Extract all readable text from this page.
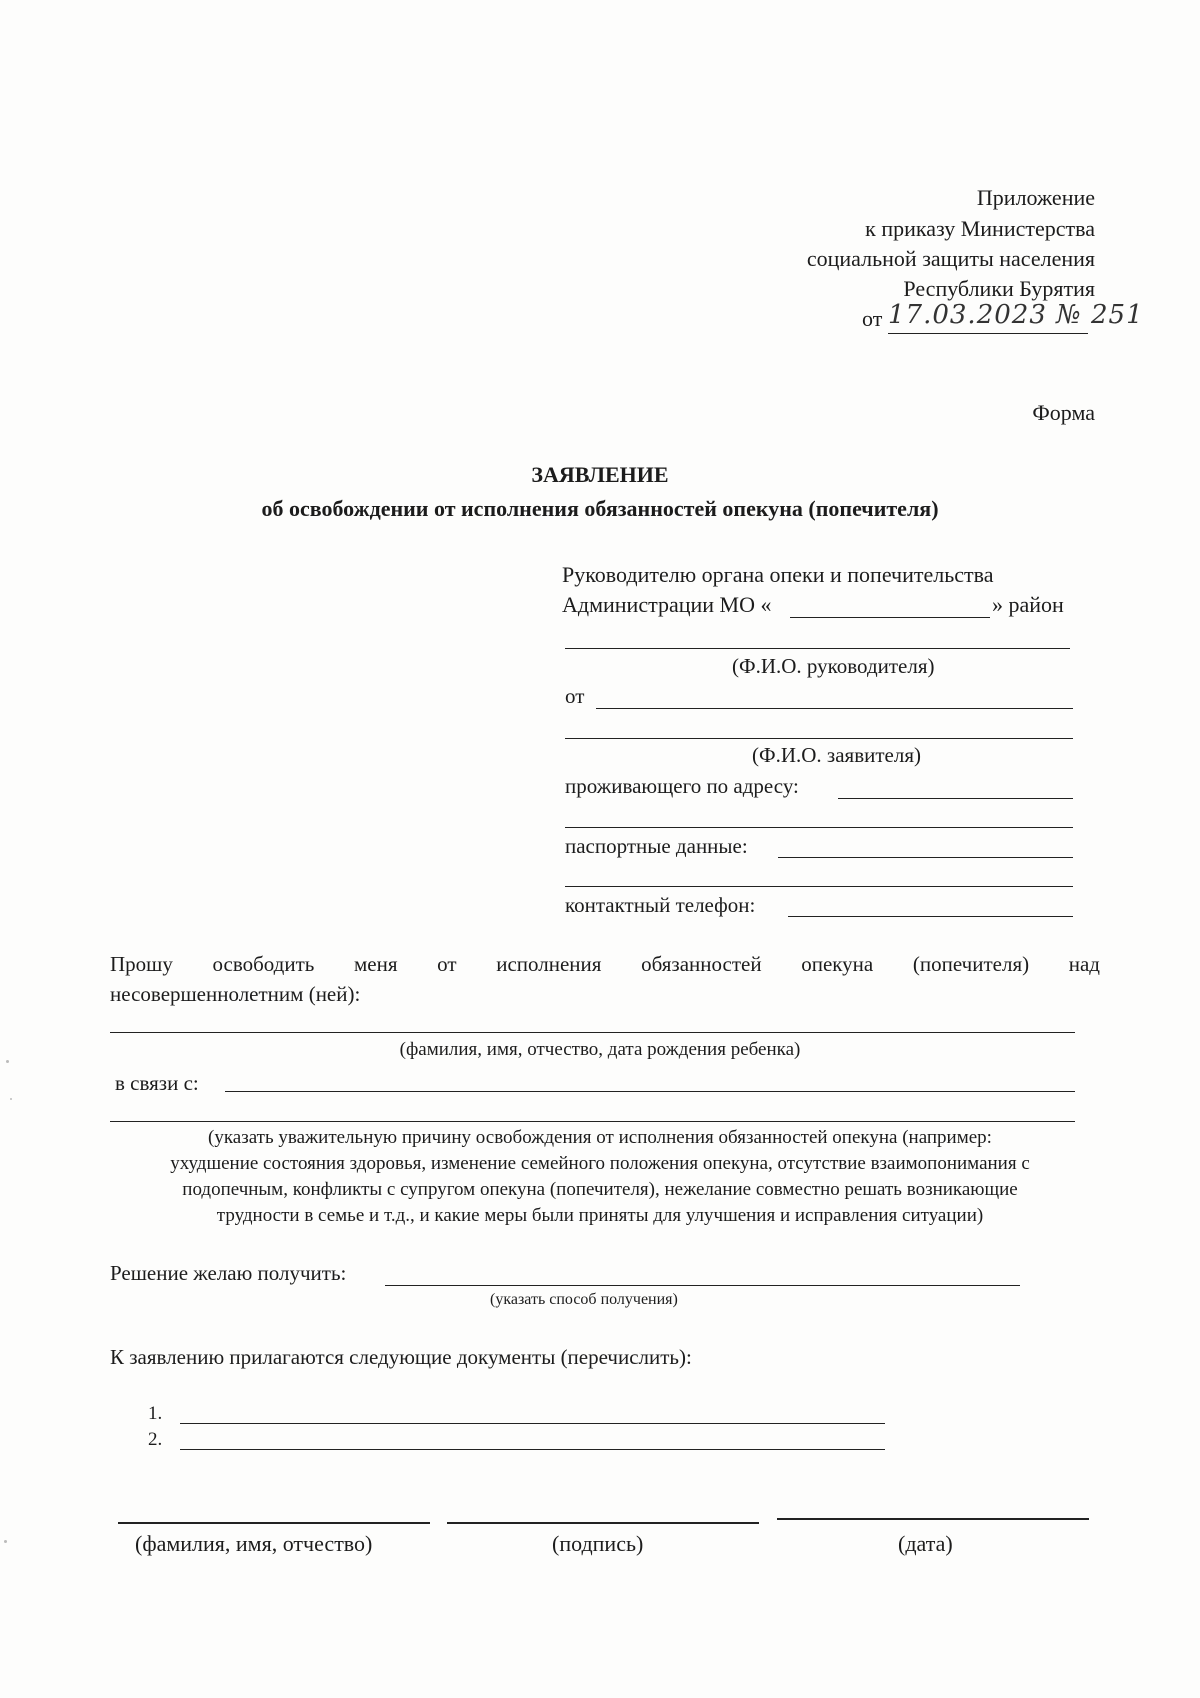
Приложение
к приказу Министерства
социальной защиты населения
Республики Бурятия
от 17.03.2023 № 251
Форма
ЗАЯВЛЕНИЕ
об освобождении от исполнения обязанностей опекуна (попечителя)
Руководителю органа опеки и попечительства
Администрации МО «	» район
(Ф.И.О. руководителя)
от
(Ф.И.О. заявителя)
проживающего по адресу:
паспортные данные:
контактный телефон:
Прошу освободить меня от исполнения обязанностей опекуна (попечителя) над
несовершеннолетним (ней):
(фамилия, имя, отчество, дата рождения ребенка)
в связи с:
(указать уважительную причину освобождения от исполнения обязанностей опекуна (например:
ухудшение состояния здоровья, изменение семейного положения опекуна, отсутствие взаимопонимания с
подопечным, конфликты с супругом опекуна (попечителя), нежелание совместно решать возникающие
трудности в семье и т.д., и какие меры были приняты для улучшения и исправления ситуации)
Решение желаю получить:
(указать способ получения)
К заявлению прилагаются следующие документы (перечислить):
1.
2.
(фамилия, имя, отчество)	(подпись)	(дата)
